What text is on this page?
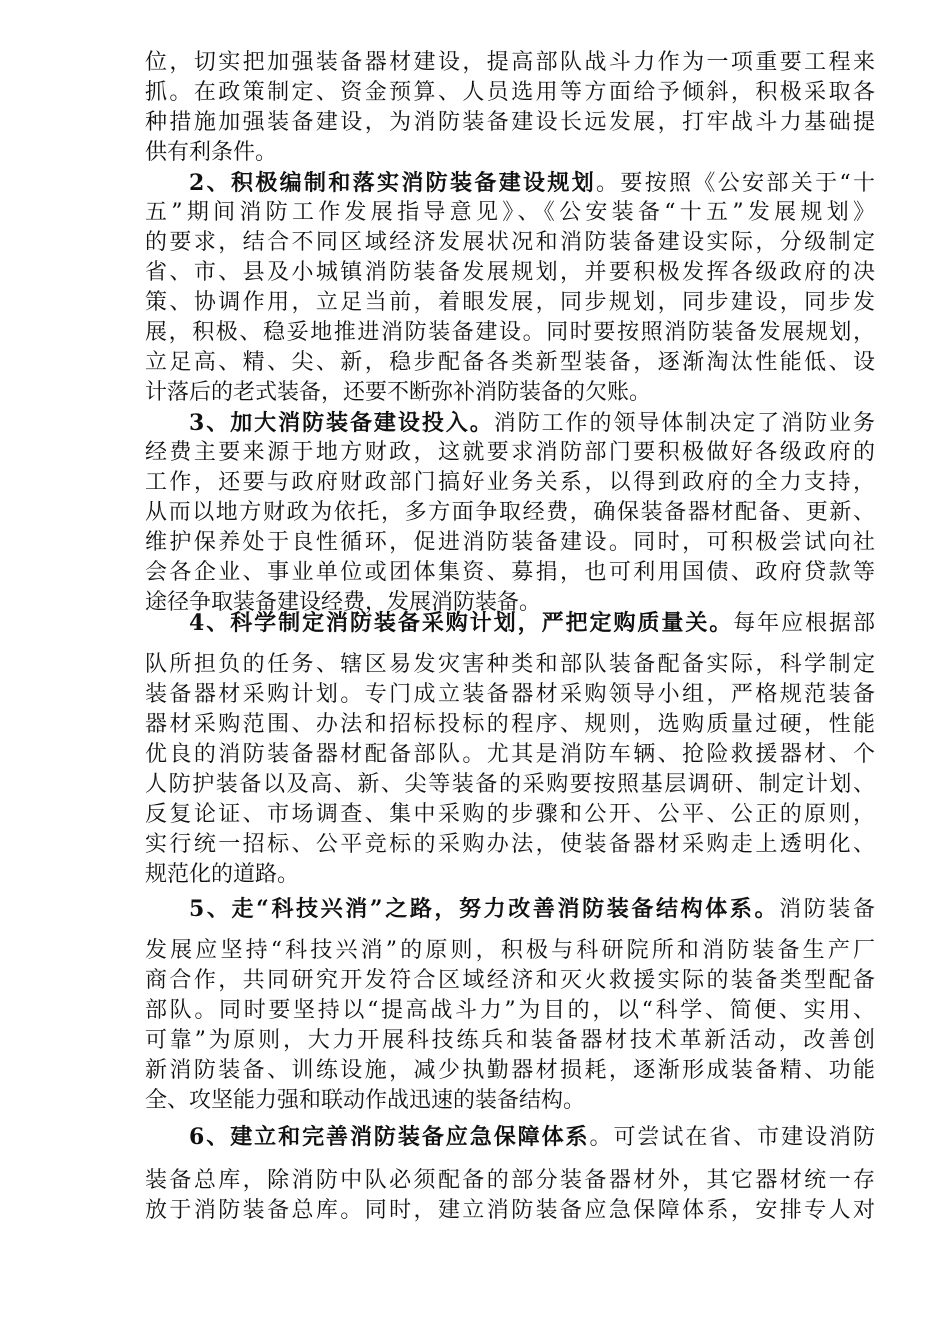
位，切实把加强装备器材建设，提高部队战斗力作为一项重要工程来
抓。在政策制定、资金预算、人员选用等方面给予倾斜，积极采取各
种措施加强装备建设，为消防装备建设长远发展，打牢战斗力基础提
供有利条件。
2、积极编制和落实消防装备建设规划。要按照《公安部关于“十
五”期间消防工作发展指导意见》、《公安装备“十五”发展规划》
的要求，结合不同区域经济发展状况和消防装备建设实际，分级制定
省、市、县及小城镇消防装备发展规划，并要积极发挥各级政府的决
策、协调作用，立足当前，着眼发展，同步规划，同步建设，同步发
展，积极、稳妥地推进消防装备建设。同时要按照消防装备发展规划，
立足高、精、尖、新，稳步配备各类新型装备，逐渐淘汰性能低、设
计落后的老式装备，还要不断弥补消防装备的欠账。
3、加大消防装备建设投入。消防工作的领导体制决定了消防业务
经费主要来源于地方财政，这就要求消防部门要积极做好各级政府的
工作，还要与政府财政部门搞好业务关系，以得到政府的全力支持，
从而以地方财政为依托，多方面争取经费，确保装备器材配备、更新、
维护保养处于良性循环，促进消防装备建设。同时，可积极尝试向社
会各企业、事业单位或团体集资、募捐，也可利用国债、政府贷款等
途径争取装备建设经费，发展消防装备。
4、科学制定消防装备采购计划，严把定购质量关。每年应根据部
队所担负的任务、辖区易发灾害种类和部队装备配备实际，科学制定
装备器材采购计划。专门成立装备器材采购领导小组，严格规范装备
器材采购范围、办法和招标投标的程序、规则，选购质量过硬，性能
优良的消防装备器材配备部队。尤其是消防车辆、抢险救援器材、个
人防护装备以及高、新、尖等装备的采购要按照基层调研、制定计划、
反复论证、市场调查、集中采购的步骤和公开、公平、公正的原则，
实行统一招标、公平竞标的采购办法，使装备器材采购走上透明化、
规范化的道路。
5、走“科技兴消”之路，努力改善消防装备结构体系。消防装备
发展应坚持“科技兴消”的原则，积极与科研院所和消防装备生产厂
商合作，共同研究开发符合区域经济和灭火救援实际的装备类型配备
部队。同时要坚持以“提高战斗力”为目的，以“科学、简便、实用、
可靠”为原则，大力开展科技练兵和装备器材技术革新活动，改善创
新消防装备、训练设施，减少执勤器材损耗，逐渐形成装备精、功能
全、攻坚能力强和联动作战迅速的装备结构。
6、建立和完善消防装备应急保障体系。可尝试在省、市建设消防
装备总库，除消防中队必须配备的部分装备器材外，其它器材统一存
放于消防装备总库。同时，建立消防装备应急保障体系，安排专人对
